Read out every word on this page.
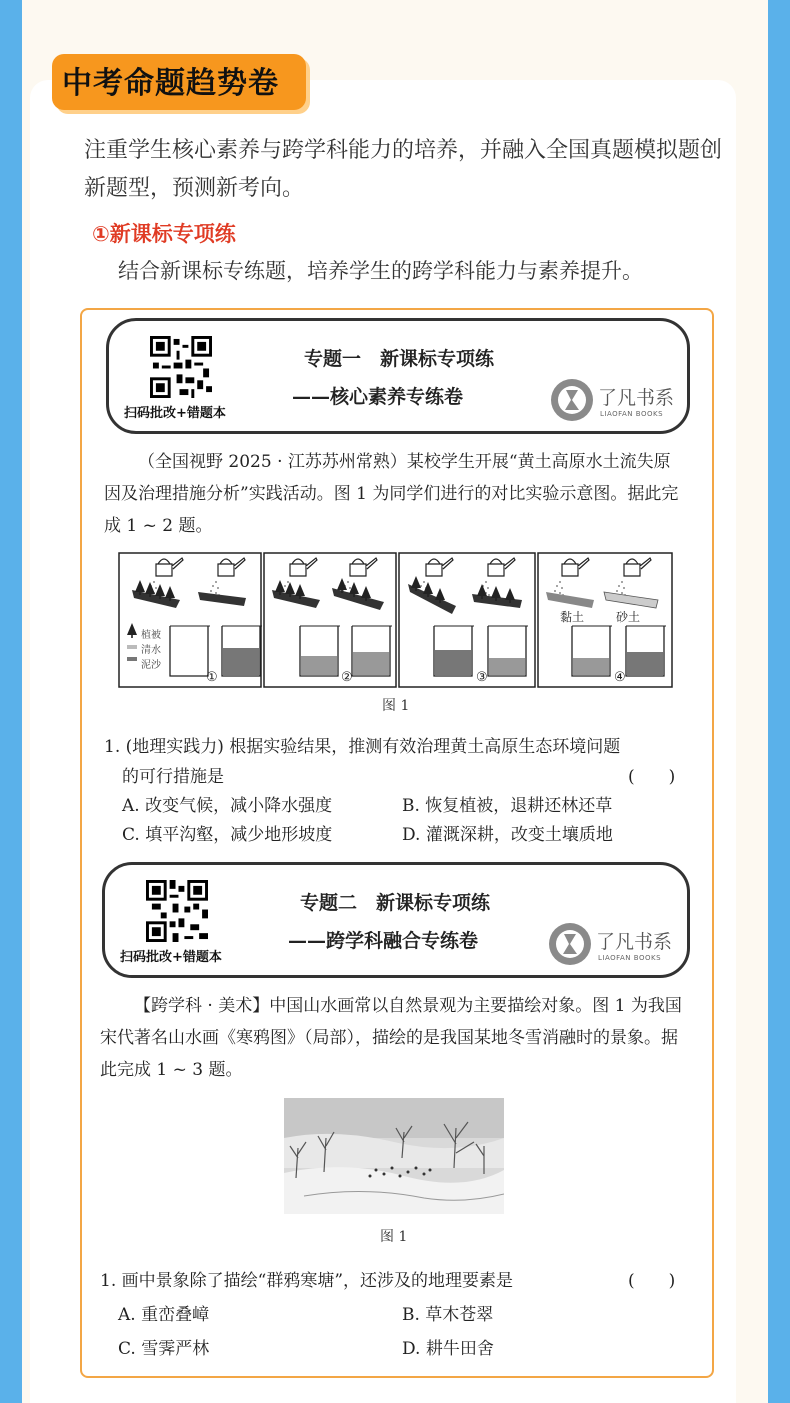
中考命题趋势卷
注重学生核心素养与跨学科能力的培养，并融入全国真题模拟题创新题型，预测新考向。
①新课标专项练
结合新课标专练题，培养学生的跨学科能力与素养提升。
扫码批改+错题本
专题一　新课标专项练
——核心素养专练卷	了凡书系
LIAOFAN BOOKS
（全国视野 2025 · 江苏苏州常熟）某校学生开展“黄土高原水土流失原因及治理措施分析”实践活动。图 1 为同学们进行的对比实验示意图。据此完成 1 ~ 2 题。
植被
清水
泥沙
①	②	③	④
黏土	砂土
图 1
1. (地理实践力) 根据实验结果，推测有效治理黄土高原生态环境问题
的可行措施是	(　　)
A. 改变气候，减小降水强度	B. 恢复植被，退耕还林还草
C. 填平沟壑，减少地形坡度	D. 灌溉深耕，改变土壤质地
扫码批改+错题本
专题二　新课标专项练
——跨学科融合专练卷	了凡书系
LIAOFAN BOOKS
【跨学科 · 美术】中国山水画常以自然景观为主要描绘对象。图 1 为我国宋代著名山水画《寒鸦图》（局部），描绘的是我国某地冬雪消融时的景象。据此完成 1 ~ 3 题。
图 1
1. 画中景象除了描绘“群鸦寒塘”，还涉及的地理要素是	(　　)
A. 重峦叠嶂	B. 草木苍翠
C. 雪霁严林	D. 耕牛田舍
